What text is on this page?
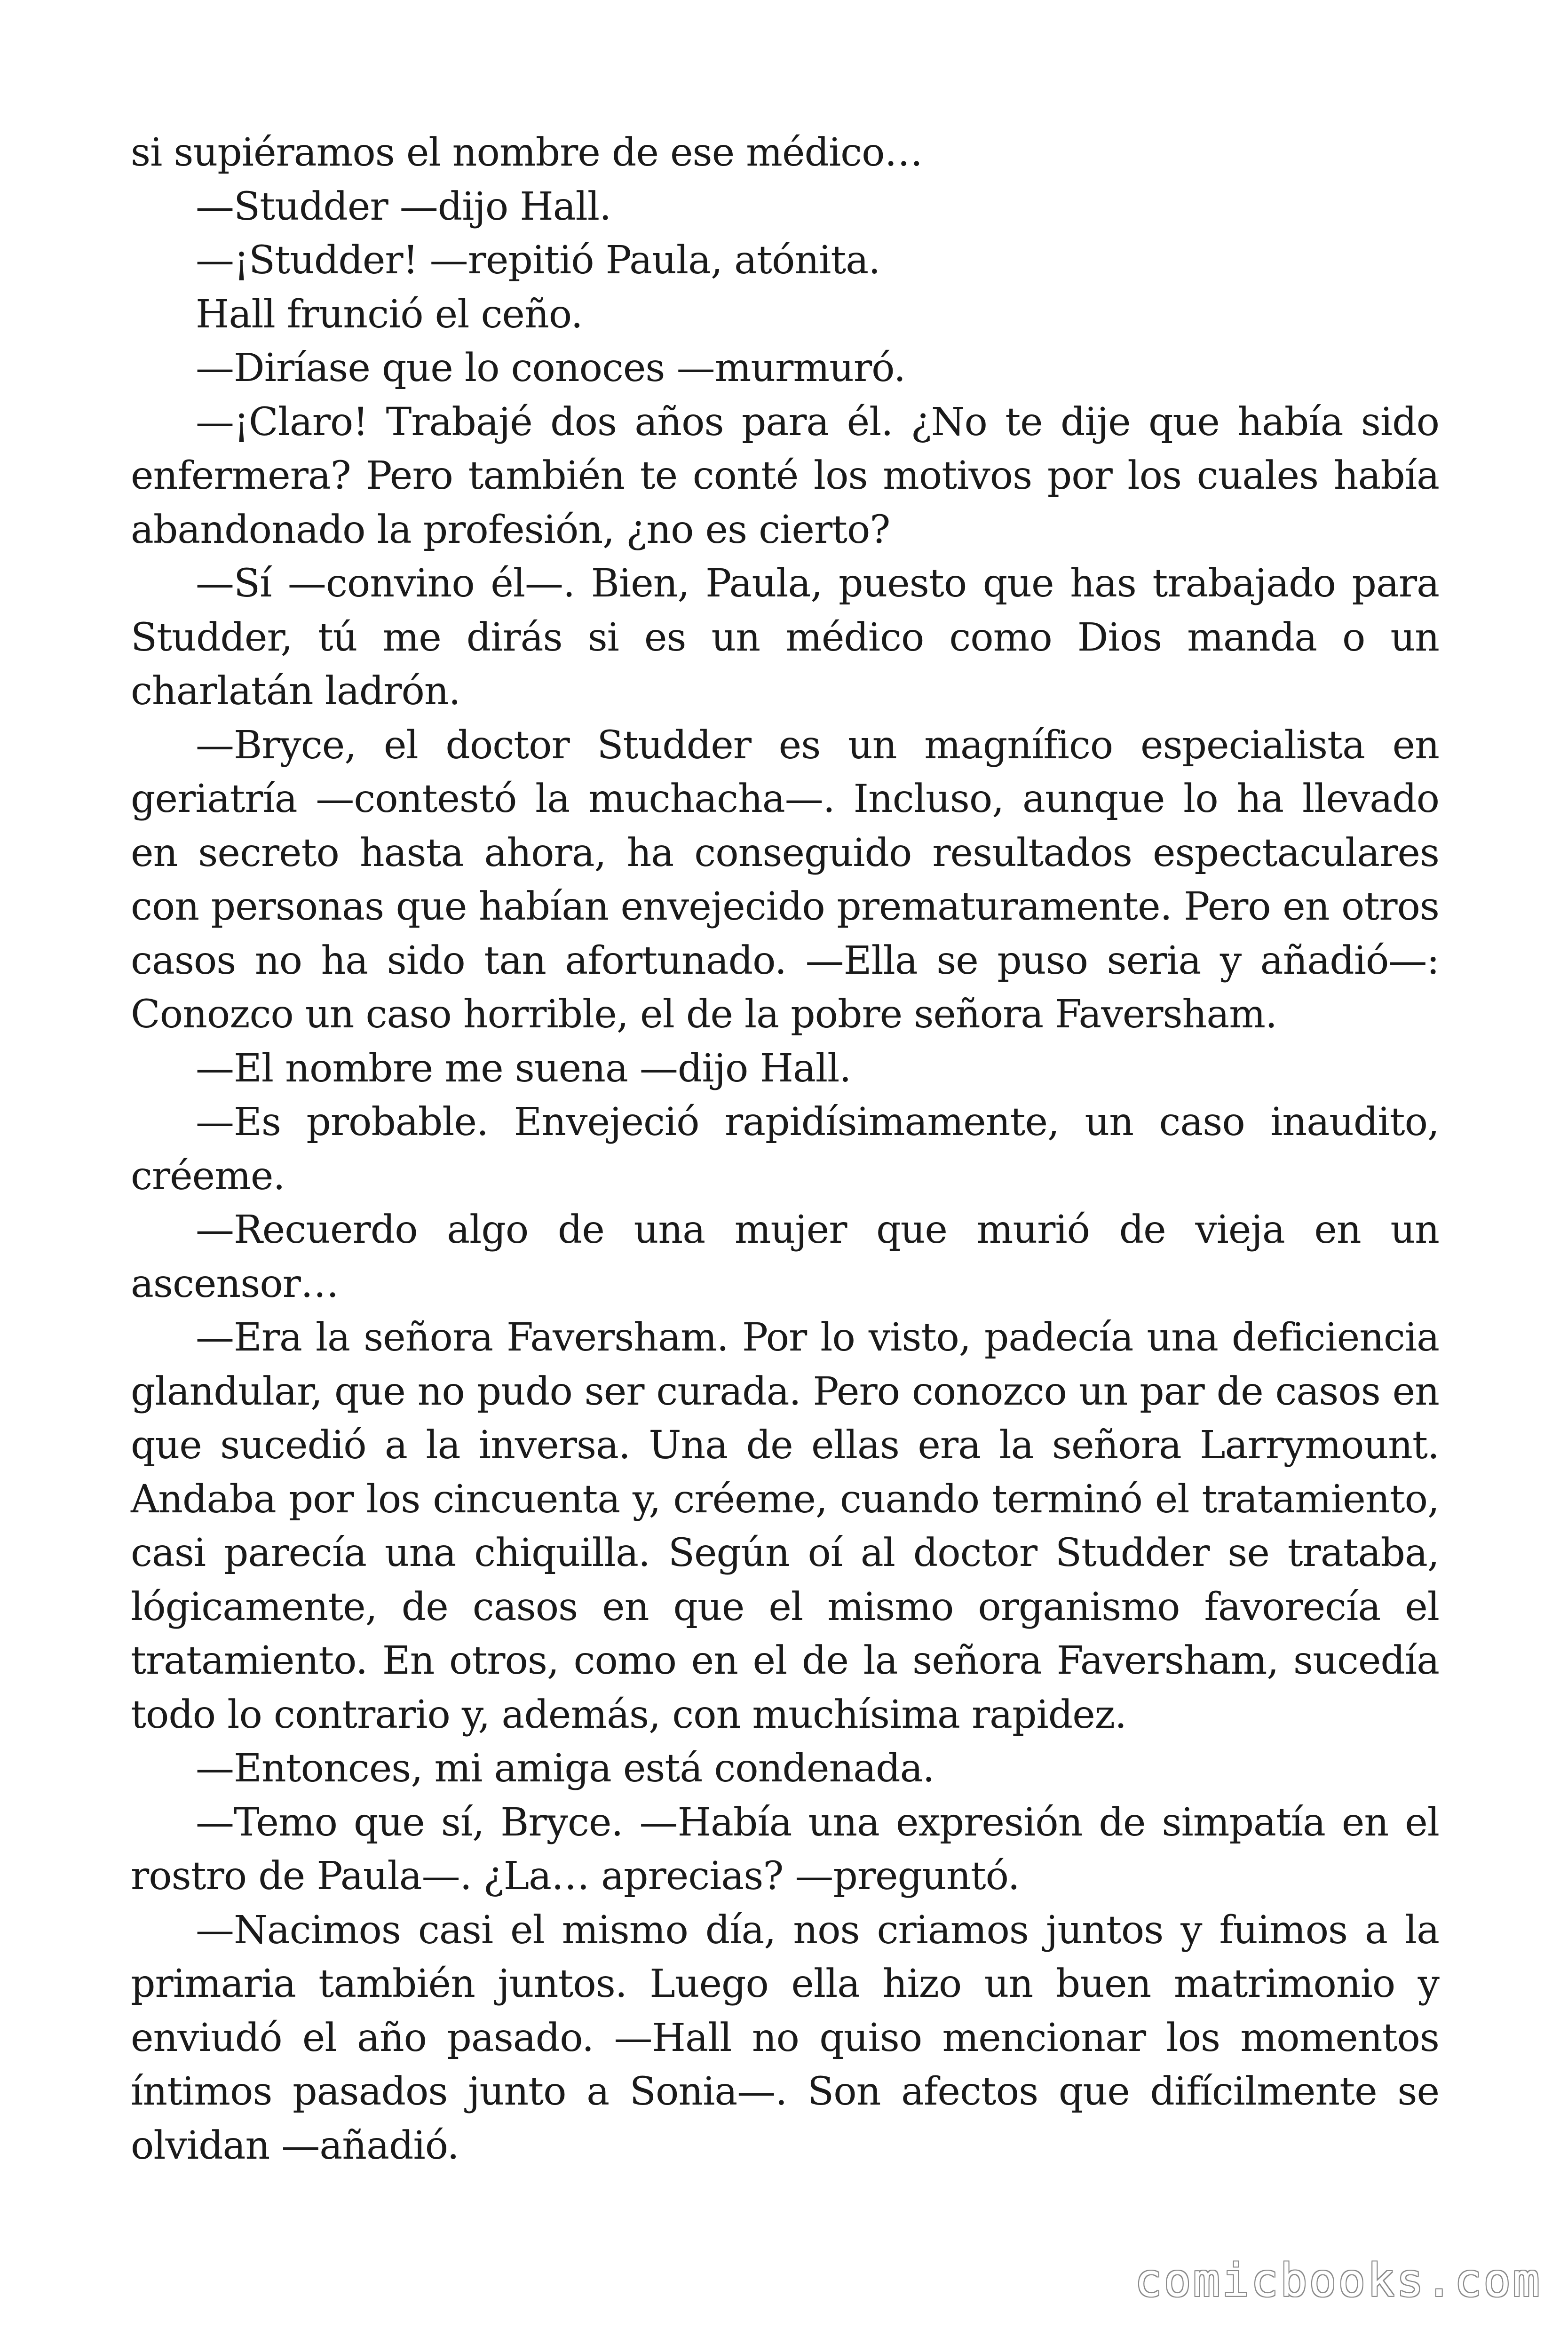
si supiéramos el nombre de ese médico…

—Studder —dijo Hall.

—¡Studder! —repitió Paula, atónita.

Hall frunció el ceño.

—Diríase que lo conoces —murmuró.

—¡Claro! Trabajé dos años para él. ¿No te dije que había sido enfermera? Pero también te conté los motivos por los cuales había abandonado la profesión, ¿no es cierto?

—Sí —convino él—. Bien, Paula, puesto que has trabajado para Studder, tú me dirás si es un médico como Dios manda o un charlatán ladrón.

—Bryce, el doctor Studder es un magnífico especialista en geriatría —contestó la muchacha—. Incluso, aunque lo ha llevado en secreto hasta ahora, ha conseguido resultados espectaculares con personas que habían envejecido prematuramente. Pero en otros casos no ha sido tan afortunado. —Ella se puso seria y añadió—: Conozco un caso horrible, el de la pobre señora Faversham.

—El nombre me suena —dijo Hall.

—Es probable. Envejeció rapidísimamente, un caso inaudito, créeme.

—Recuerdo algo de una mujer que murió de vieja en un ascensor…

—Era la señora Faversham. Por lo visto, padecía una deficiencia glandular, que no pudo ser curada. Pero conozco un par de casos en que sucedió a la inversa. Una de ellas era la señora Larrymount. Andaba por los cincuenta y, créeme, cuando terminó el tratamiento, casi parecía una chiquilla. Según oí al doctor Studder se trataba, lógicamente, de casos en que el mismo organismo favorecía el tratamiento. En otros, como en el de la señora Faversham, sucedía todo lo contrario y, además, con muchísima rapidez.

—Entonces, mi amiga está condenada.

—Temo que sí, Bryce. —Había una expresión de simpatía en el rostro de Paula—. ¿La… aprecias? —preguntó.

—Nacimos casi el mismo día, nos criamos juntos y fuimos a la primaria también juntos. Luego ella hizo un buen matrimonio y enviudó el año pasado. —Hall no quiso mencionar los momentos íntimos pasados junto a Sonia—. Son afectos que difícilmente se olvidan —añadió.

comicbooks.com
